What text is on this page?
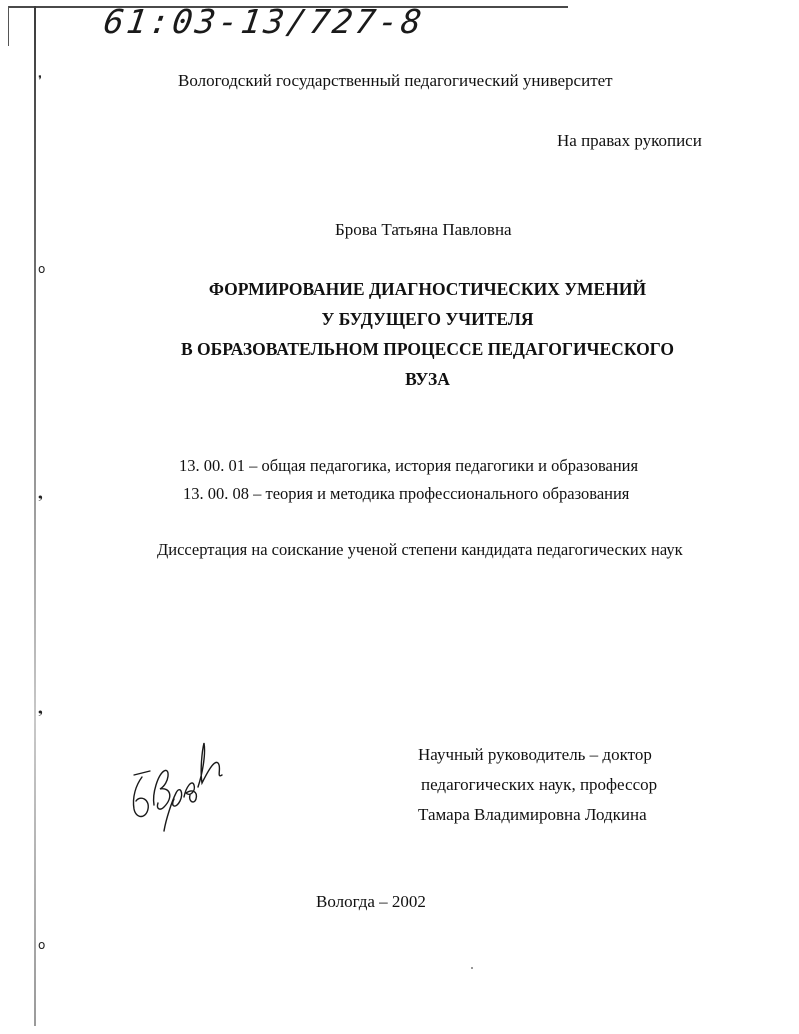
61:03-13/727-8
❜
o
❟
❟
o
Вологодский государственный педагогический университет
На правах рукописи
Брова Татьяна Павловна
ФОРМИРОВАНИЕ ДИАГНОСТИЧЕСКИХ УМЕНИЙ
У БУДУЩЕГО УЧИТЕЛЯ
В ОБРАЗОВАТЕЛЬНОМ ПРОЦЕССЕ ПЕДАГОГИЧЕСКОГО
ВУЗА
13. 00. 01 – общая педагогика, история педагогики и образования
13. 00. 08 – теория и методика профессионального образования
Диссертация на соискание ученой степени кандидата педагогических наук
Научный руководитель – доктор
педагогических наук, профессор
Тамара Владимировна Лодкина
Вологда – 2002
